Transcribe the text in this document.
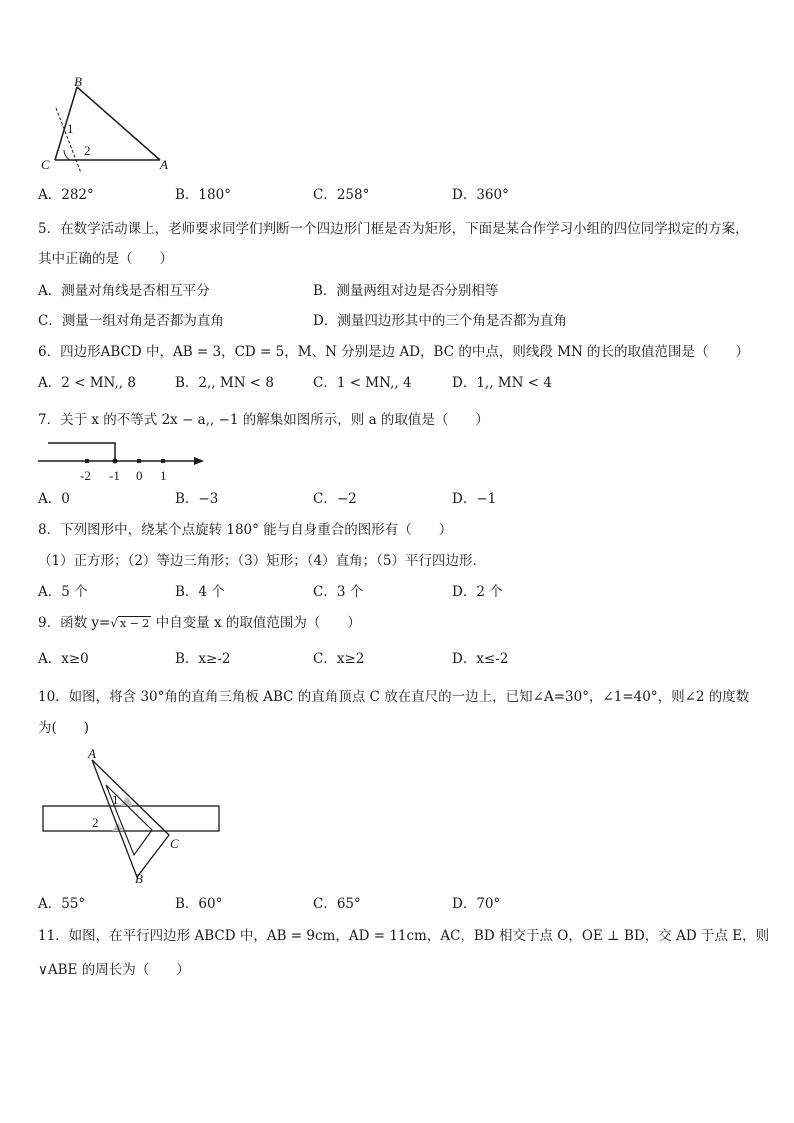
B
C	A
1
2
A．282°	B．180°	C．258°	D．360°
5．在数学活动课上，老师要求同学们判断一个四边形门框是否为矩形，下面是某合作学习小组的四位同学拟定的方案，
其中正确的是（　　）
A．测量对角线是否相互平分	B．测量两组对边是否分别相等
C．测量一组对角是否都为直角	D．测量四边形其中的三个角是否都为直角
6．四边形ABCD 中，AB = 3，CD = 5，M、N 分别是边 AD，BC 的中点，则线段 MN 的长的取值范围是（　　）
A．2 < MN,, 8	B．2,, MN < 8	C．1 < MN,, 4	D．1,, MN < 4
7．关于 x 的不等式 2x − a,, −1 的解集如图所示，则 a 的取值是（　　）
-2 -1 0 1
A．0	B．−3	C．−2	D．−1
8．下列图形中，绕某个点旋转 180° 能与自身重合的图形有（　　）
（1）正方形；（2）等边三角形；（3）矩形；（4）直角；（5）平行四边形．
A．5 个	B．4 个	C．3 个	D．2 个
9．函数 y=√ x − 2 中自变量 x 的取值范围为（　　）
A．x≥0	B．x≥-2	C．x≥2	D．x≤-2
10．如图，将含 30°角的直角三角板 ABC 的直角顶点 C 放在直尺的一边上，已知∠A=30°，∠1=40°，则∠2 的度数
为(　　)
A
B
C
1
2
A．55°	B．60°	C．65°	D．70°
11．如图，在平行四边形 ABCD 中，AB = 9cm，AD = 11cm，AC，BD 相交于点 O，OE ⊥ BD，交 AD 于点 E，则
∨ABE 的周长为（　　）
